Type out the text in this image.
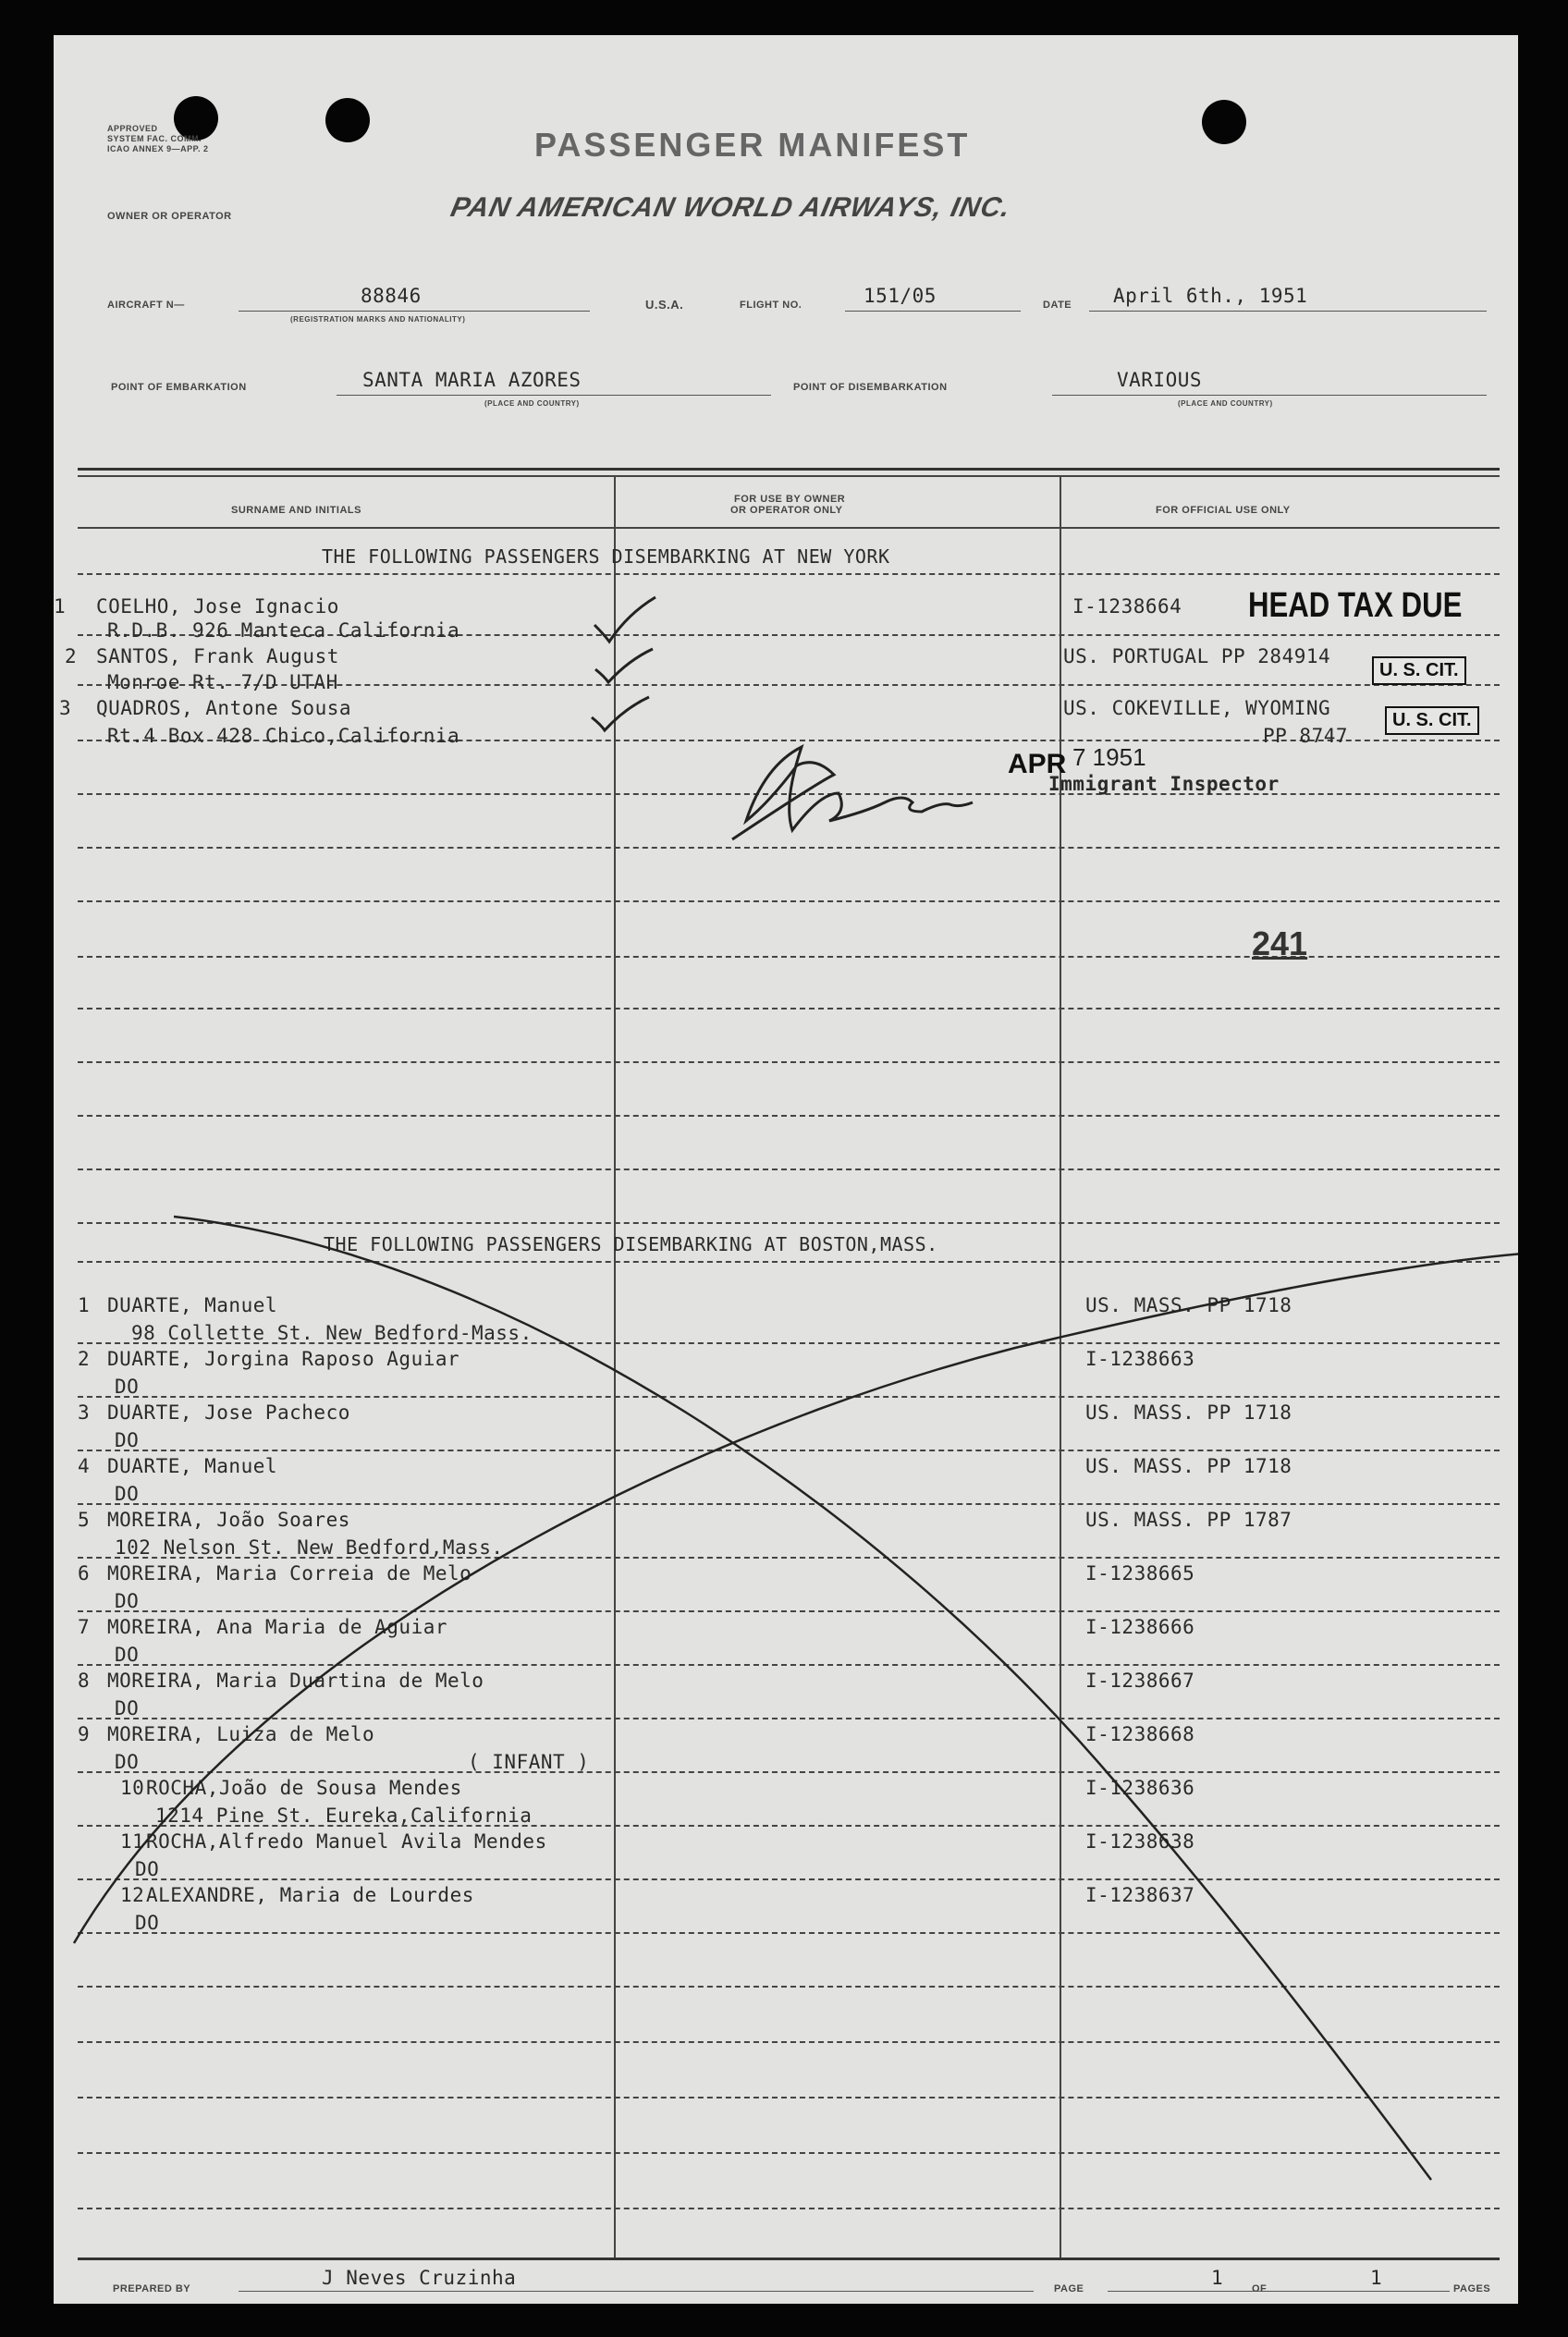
APPROVED
SYSTEM FAC. COMM.
ICAO ANNEX 9—APP. 2	PASSENGER MANIFEST
OWNER OR OPERATOR	PAN AMERICAN WORLD AIRWAYS, INC.
AIRCRAFT N—	88846
(REGISTRATION MARKS AND NATIONALITY)
U.S.A.	FLIGHT NO.	151/05	DATE April 6th., 1951
POINT OF EMBARKATION	SANTA MARIA AZORES
(PLACE AND COUNTRY)
POINT OF DISEMBARKATION	VARIOUS
(PLACE AND COUNTRY)
SURNAME AND INITIALS
FOR USE BY OWNER
OR OPERATOR ONLY	FOR OFFICIAL USE ONLY
THE FOLLOWING PASSENGERS DISEMBARKING AT NEW YORK
1 COELHO, Jose Ignacio
R.D.B. 926 Manteca California
I-1238664
2 SANTOS, Frank August
Monroe Rt. 7/D UTAH
US. PORTUGAL PP 284914
3 QUADROS, Antone Sousa
Rt.4 Box 428 Chico,California
US. COKEVILLE, WYOMING
PP 8747
HEAD TAX DUE
U. S. CIT.
U. S. CIT.
APR 7 1951
Immigrant Inspector
241
THE FOLLOWING PASSENGERS DISEMBARKING AT BOSTON,MASS.
1 DUARTE, Manuel
98 Collette St. New Bedford-Mass.
US. MASS. PP 1718
2 DUARTE, Jorgina Raposo Aguiar
DO
I-1238663
3 DUARTE, Jose Pacheco
DO
US. MASS. PP 1718
4 DUARTE, Manuel
DO
US. MASS. PP 1718
5 MOREIRA, João Soares
102 Nelson St. New Bedford,Mass.
US. MASS. PP 1787
6 MOREIRA, Maria Correia de Melo
DO
I-1238665
7 MOREIRA, Ana Maria de Aguiar
DO
I-1238666
8 MOREIRA, Maria Duartina de Melo
DO
I-1238667
9 MOREIRA, Luiza de Melo
DO	( INFANT )
I-1238668
10 ROCHA,João de Sousa Mendes
1214 Pine St. Eureka,California
I-1238636
11 ROCHA,Alfredo Manuel Avila Mendes
DO
I-1238638
12 ALEXANDRE, Maria de Lourdes
DO
I-1238637
PREPARED BY	J Neves Cruzinha	PAGE	1	OF	1	PAGES
